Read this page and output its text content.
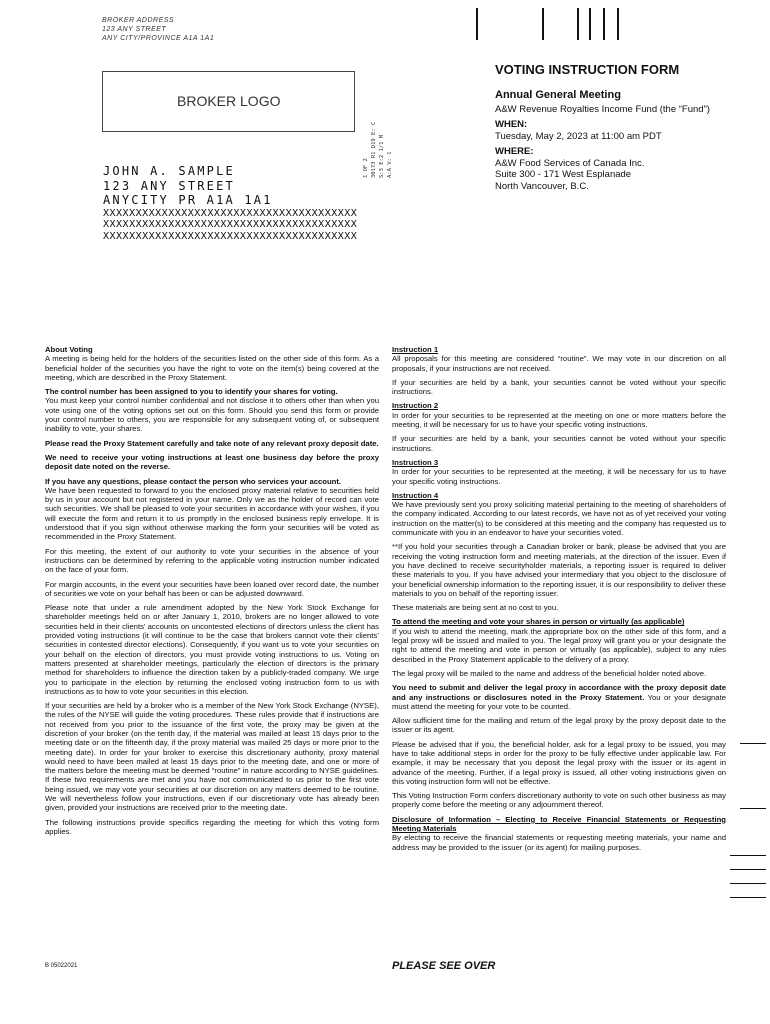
BROKER ADDRESS
123 ANY STREET
ANY CITY/PROVINCE A1A 1A1
BROKER LOGO
1 OF 2 30173 R1 D19 E: C S:3 E:2 1/1 M A:A V: 1
JOHN A. SAMPLE
123 ANY STREET
ANYCITY PR A1A 1A1
XXXXXXXXXXXXXXXXXXXXXXXXXXXXXXXXXXXXXXX
XXXXXXXXXXXXXXXXXXXXXXXXXXXXXXXXXXXXXXX
XXXXXXXXXXXXXXXXXXXXXXXXXXXXXXXXXXXXXXX
VOTING INSTRUCTION FORM
Annual General Meeting
A&W Revenue Royalties Income Fund (the “Fund”)
WHEN:
Tuesday, May 2, 2023 at 11:00 am PDT
WHERE:
A&W Food Services of Canada Inc.
Suite 300 - 171 West Esplanade
North Vancouver, B.C.

About Voting

A meeting is being held for the holders of the securities listed on the other side of this form. As a beneficial holder of the securities you have the right to vote on the item(s) being covered at the meeting, which are described in the Proxy Statement.

The control number has been assigned to you to identify your shares for voting.

You must keep your control number confidential and not disclose it to others other than when you vote using one of the voting options set out on this form. Should you send this form or provide your control number to others, you are responsible for any subsequent voting of, or subsequent inability to vote, your shares.

Please read the Proxy Statement carefully and take note of any relevant proxy deposit date.

We need to receive your voting instructions at least one business day before the proxy deposit date noted on the reverse.

If you have any questions, please contact the person who services your account.

We have been requested to forward to you the enclosed proxy material relative to securities held by us in your account but not registered in your name. Only we as the holder of record can vote such securities. We shall be pleased to vote your securities in accordance with your wishes, if you will execute the form and return it to us promptly in the enclosed business reply envelope. It is understood that if you sign without otherwise marking the form your securities will be voted as recommended in the Proxy Statement.

For this meeting, the extent of our authority to vote your securities in the absence of your instructions can be determined by referring to the applicable voting instruction number indicated on the face of your form.

For margin accounts, in the event your securities have been loaned over record date, the number of securities we vote on your behalf has been or can be adjusted downward.

Please note that under a rule amendment adopted by the New York Stock Exchange for shareholder meetings held on or after January 1, 2010, brokers are no longer allowed to vote securities held in their clients’ accounts on uncontested elections of directors unless the client has provided voting instructions (it will continue to be the case that brokers cannot vote their clients’ securities in contested director elections). Consequently, if you want us to vote your securities on your behalf on the election of directors, you must provide voting instructions to us. Voting on matters presented at shareholder meetings, particularly the election of directors is the primary method for shareholders to influence the direction taken by a publicly-traded company. We urge you to participate in the election by returning the enclosed voting instruction form to us with instructions as to how to vote your securities in this election.

If your securities are held by a broker who is a member of the New York Stock Exchange (NYSE), the rules of the NYSE will guide the voting procedures. These rules provide that if instructions are not received from you prior to the issuance of the first vote, the proxy may be given at the discretion of your broker (on the tenth day, if the material was mailed at least 15 days prior to the meeting date or on the fifteenth day, if the proxy material was mailed 25 days or more prior to the meeting date). In order for your broker to exercise this discretionary authority, proxy material would need to have been mailed at least 15 days prior to the meeting date, and one or more of the matters before the meeting must be deemed “routine” in nature according to NYSE guidelines. If these two requirements are met and you have not communicated to us prior to the first vote being issued, we may vote your securities at our discretion on any matters deemed to be routine. We will nevertheless follow your instructions, even if our discretionary vote has already been given, provided your instructions are received prior to the meeting date.

The following instructions provide specifics regarding the meeting for which this voting form applies.

Instruction 1

All proposals for this meeting are considered “routine”. We may vote in our discretion on all proposals, if your instructions are not received.

If your securities are held by a bank, your securities cannot be voted without your specific instructions.

Instruction 2

In order for your securities to be represented at the meeting on one or more matters before the meeting, it will be necessary for us to have your specific voting instructions.

If your securities are held by a bank, your securities cannot be voted without your specific instructions.

Instruction 3

In order for your securities to be represented at the meeting, it will be necessary for us to have your specific voting instructions.

Instruction 4

We have previously sent you proxy soliciting material pertaining to the meeting of shareholders of the company indicated. According to our latest records, we have not as of yet received your voting instruction on the matter(s) to be considered at this meeting and the company has requested us to communicate with you in an endeavor to have your securities voted.

**If you hold your securities through a Canadian broker or bank, please be advised that you are receiving the voting instruction form and meeting materials, at the direction of the issuer. Even if you have declined to receive securityholder materials, a reporting issuer is required to deliver these materials to you. If you have advised your intermediary that you object to the disclosure of your beneficial ownership information to the reporting issuer, it is our responsibility to deliver these materials to you on behalf of the reporting issuer.

These materials are being sent at no cost to you.

To attend the meeting and vote your shares in person or virtually (as applicable)

If you wish to attend the meeting, mark the appropriate box on the other side of this form, and a legal proxy will be issued and mailed to you. The legal proxy will grant you or your designate the right to attend the meeting and vote in person or virtually (as applicable), subject to any rules described in the Proxy Statement applicable to the delivery of a proxy.

The legal proxy will be mailed to the name and address of the beneficial holder noted above.

You need to submit and deliver the legal proxy in accordance with the proxy deposit date and any instructions or disclosures noted in the Proxy Statement. You or your designate must attend the meeting for your vote to be counted.

Allow sufficient time for the mailing and return of the legal proxy by the proxy deposit date to the issuer or its agent.

Please be advised that if you, the beneficial holder, ask for a legal proxy to be issued, you may have to take additional steps in order for the proxy to be fully effective under applicable law. For example, it may be necessary that you deposit the legal proxy with the issuer or its agent in advance of the meeting. Further, if a legal proxy is issued, all other voting instructions given on this voting instruction form will not be effective.

This Voting Instruction Form confers discretionary authority to vote on such other business as may properly come before the meeting or any adjournment thereof.

Disclosure of Information – Electing to Receive Financial Statements or Requesting Meeting Materials

By electing to receive the financial statements or requesting meeting materials, your name and address may be provided to the issuer (or its agent) for mailing purposes.

B 05022021	PLEASE SEE OVER
